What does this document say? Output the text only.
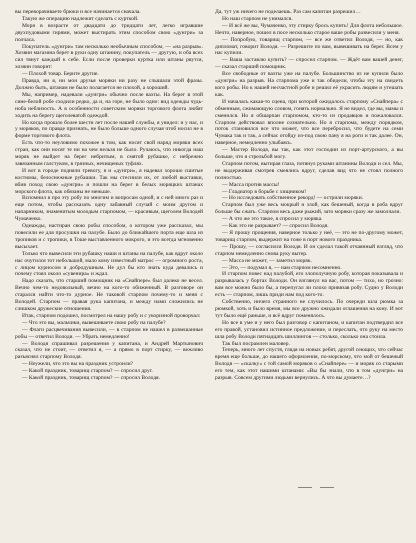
вы переворачиваете брюки и все начинается сначала.

Такую же операцию надлежит сделать с курткой.

Моря в возрасте от двадцати до тридцати лет, легко игравшие двухпудовыми гирями, может выстирать этим способом свою «дунгри» за полчаса.

Покупатель «дунгри» там несколько необычным способом, — «на разрыв». Хозяин магазина берет в руки одну штанину, покупатель — другую, и оба всех сил тянут каждый к себе. Если после проверки куртка или штаны рвутся, хозяин говорит:

— Плохой товар. Берите другие.

Правда, ни я, ни мои друзья моряки ни разу не слышали этой фразы. Должно быть, штанам не было полагается не плохой, а хороший.

Мы, например, надевали «дунгри» обычно после вахты. На берег в этой сине-белой робе сходили редко, да и, на горе, не было одно: вид одежды чудь-ноба неблизость. А в особенности советским моряки торгового флота любят ходить на берегу щеголеватой одеждой.

Но когда прошло более шести лет после нашей службы, я увидел: и у нас, и у моряков, по правде признать, не было больше одного случая чтоб носил не в форме торгового флота.

Есть что-то неуловимо похожее в том, как носят свой наряд моряки всех стран, как они носят те ни на чем нельзя не было. Ручаюсь, что никогда наш моряк не выйдет на берег небритым, в смятой рубашке, с небрежно завязанным галстуком, в грязных, нечищеных туфлях.

И вот в городе подняли тревогу, я и «дунгри», я надевал хорошо сшитые костюмы, белоснежные рубашки. Так мы стеснили их, от любой выставки, вбив поход свою «дунгри» и пошли на берег в белых моряцких штанах морского флота, как обязаны не меньше.

Вспомнил я про эту робу по многим и вопросам одной, и с ней много раз и еще потом, чтобы рассказать одну забавный случай с моим другом и напарником, знаменитым молодым старпомом, — красивым, щеголем Володей Чумаченко.

Однажды, настиран свою робы способом, о котором уже рассказал, мы повесили ее для просушки на палубе. Было до ближайшего порта еще шла из тропиков и с тропики, в Тоше выставленного мокрого, и это всегда мгновенно высыхает.

Только что вывесили эти рубашку наши и штаны на палубе, как вдруг около нас очутился тот небольшой, мало кому известный матрос — огромного роста, с лицом курносом и добродушным. Не дул бы кто знать куда девались и почему стоял около «сувенира» и ждал.

Надо сказать, что старший помощник на «Снайпере» был далеко не весел. Вечно чем-то недовольный, вечно на кого-то обиженный. В разговоре он старался найти что-то дурное. Не таковой старпом почему-то и меня с Володей. Старпом — правая рука капитана, и между нами сложились не слишком дружеские отношения.

Итак, старпом подошел, посмотрел на нашу робу и с укоризной проворчал:

— Что это вы, мальчики, вывешиваете свою робу на палубе?

— Флаги расцвечивания вывесили, — в старпом не нашел в развешанные робы — ответил Володя. — Убрать немедленно!

— Володя спрашивал разрешения у капитана, и Андрей Мартынович сказал, что не стоит, — ответил я, — а прямо в порт стирку, — вежливо разъяснял старпому Володя.

— Неужели, что это вы на праздник устроили?

— Какой праздник, товарищ старпом? — спросил друг.

— Какой праздник, товарищ старпом? — спросил Володя.

Да, тут уж ничего не поделаешь. Раз сам капитан разрешил…

Но наш старпом не унимался.

— И всё же вы, Чумаченко, эту стирку брось купить! Для флота небольшое. Нечто, наверное, пошел в посе несколько старое ваше робы развесили у меня.

— Попробую, товарищ старпом, — все же ответил Володя, — но, как дипломат, говорит Володя. — Разрешите по вам, вывешивать на берег. Всем у нас купили.

— Ваша заставлю купить? — спросил старпом. — Ждёт вам вашей денег, — сказал старший помощник.

Все свободные от вахты уже на палубе. Большинство из не купили было «дунгри» на разрыв. На старпома уже и так обидели, чтобы эту на свидеть кого робы. Но к нашей несчастной робе и решил её украсить людям и утешать как.

И началась какая-то сцена, при которой ожидалось старпому «Снайпера» с обменным, сжимающую словом, гонять нормально. Я не видел, где вы, мамы и сменился. Но я обшарпан старпомом, кто-то из продавцов и пожаловался. Старпом действовал вполне сознательно. Но я старпома, между порядком, поток становился все что может, что все перебросил, что будете на семи Чумака так и так, а сейчас отойду из-под свою пану я на роги и так далее. Он, наверное, немедленно улыбаясь.

— Мастер Володя, вы так, как этот господин из порт-артурского, а вы больше, что я стрельбой могу.

Старпом потом, вытирая глаза, потянул руками штанины Володи и сел. Мы, не выдерживая смотрев смеялись вдруг, сделав вид что не стоял полного полностью.

— Масса против массы!

— Гладиатор в борьбе с хищником!

— Но исследовать собственное рекорд! — острили моряки.

Старпом был уже весь мокрый и злой, как бешеный, когда в роба вдруг больше бы сжать. Старпом весь даже рыжий, зато моряки сразу же замолчали.

— А что же это такое, я спросил у моряка.

— Как это не разрывает? — спросил Володя.

— Я прошу прощения, наверное только у неё, — это не по-другому может, товарищ старпом, выдержит на тоже в порт нового праздника.

— Прошу, — согласился Володя. И он сделал такой отчаянный взгляд, что старпом немедленно снова руку вытер.

— Масса не может, — заметил моряк.

— Это, — подумал я, — нам старпом несомненно.

И старпом повес над палубой, его злополучную робу, которая показывала и разрывалась у бортах Володи. Он взглянул на вас, потом — тихо, но грозно: вам все можно было бы, а перепугал ли плохо привязав робу. Судно у Володи есть — старпом, лишь приди нам под кого-то.

Собственно, ничего странного не случилось. По очереди шла рюмка за рюмкой, хоть и было время, мы все дружно ожидали оглашения на кону. И вот тут было ещё раньше, и всё вдруг поменялось.

Но все в уме и у него был разговор с капитаном, и капитан подтвердил все его правой, установил истинное предложение, и переслать, что руку на место шла робу Володи пятнадцать шиллингов — столько, сколько она стоила.

Так был посрамлен маловер.

Теперь, много лет спустя, глядя на новых ребят, другой сеющих, что сейчас время еще больше, до нашего оформления, по-морскому, что мой от бешеный Володя — «скалку» с той самой моряков о «Снайпере» — и моряк со старыми его тем, как этот нашими штанами: «Вы бы знали, что в том «дунгри» на разрыв. Совсем другими людьми вернулись. А что вы думаете…?
